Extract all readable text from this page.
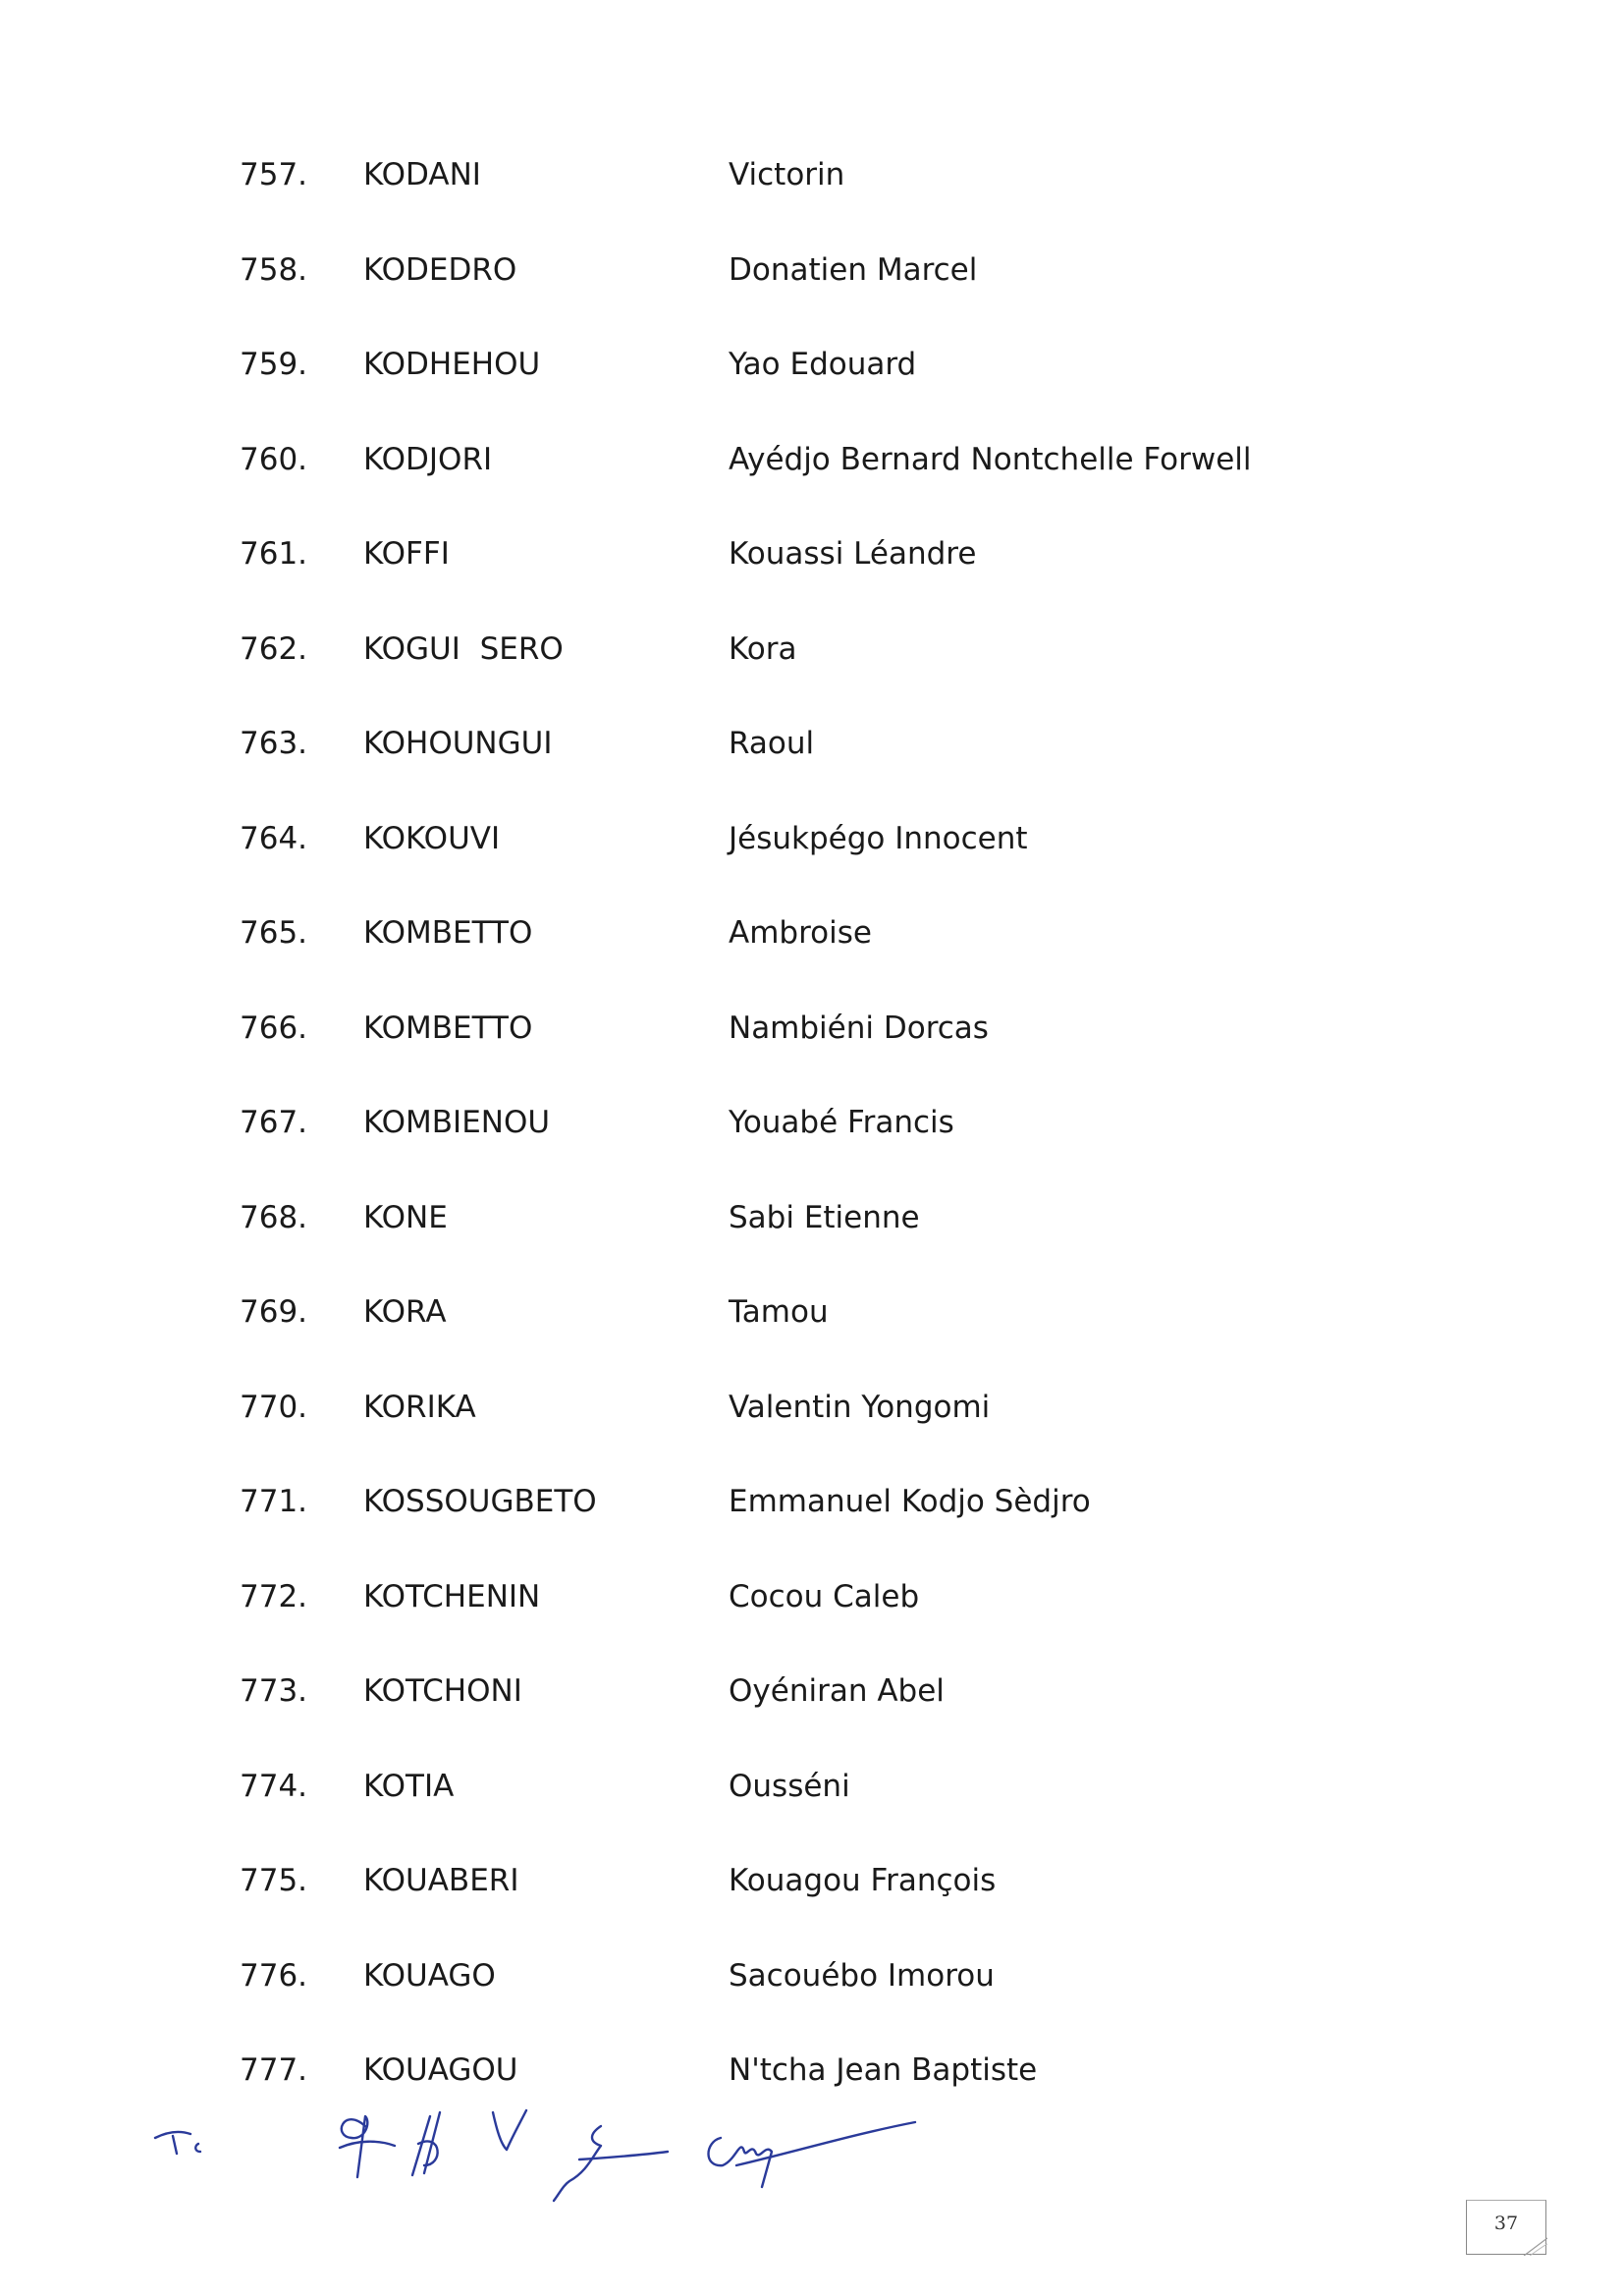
757. KODANI	Victorin
758. KODEDRO	Donatien Marcel
759. KODHEHOU	Yao Edouard
760. KODJORI	Ayédjo Bernard Nontchelle Forwell
761. KOFFI	Kouassi Léandre
762. KOGUI  SERO	Kora
763. KOHOUNGUI	Raoul
764. KOKOUVI	Jésukpégo Innocent
765. KOMBETTO	Ambroise
766. KOMBETTO	Nambiéni Dorcas
767. KOMBIENOU	Youabé Francis
768. KONE	Sabi Etienne
769. KORA	Tamou
770. KORIKA	Valentin Yongomi
771. KOSSOUGBETO	Emmanuel Kodjo Sèdjro
772. KOTCHENIN	Cocou Caleb
773. KOTCHONI	Oyéniran Abel
774. KOTIA	Ousséni
775. KOUABERI	Kouagou François
776. KOUAGO	Sacouébo Imorou
777. KOUAGOU	N'tcha Jean Baptiste
37
